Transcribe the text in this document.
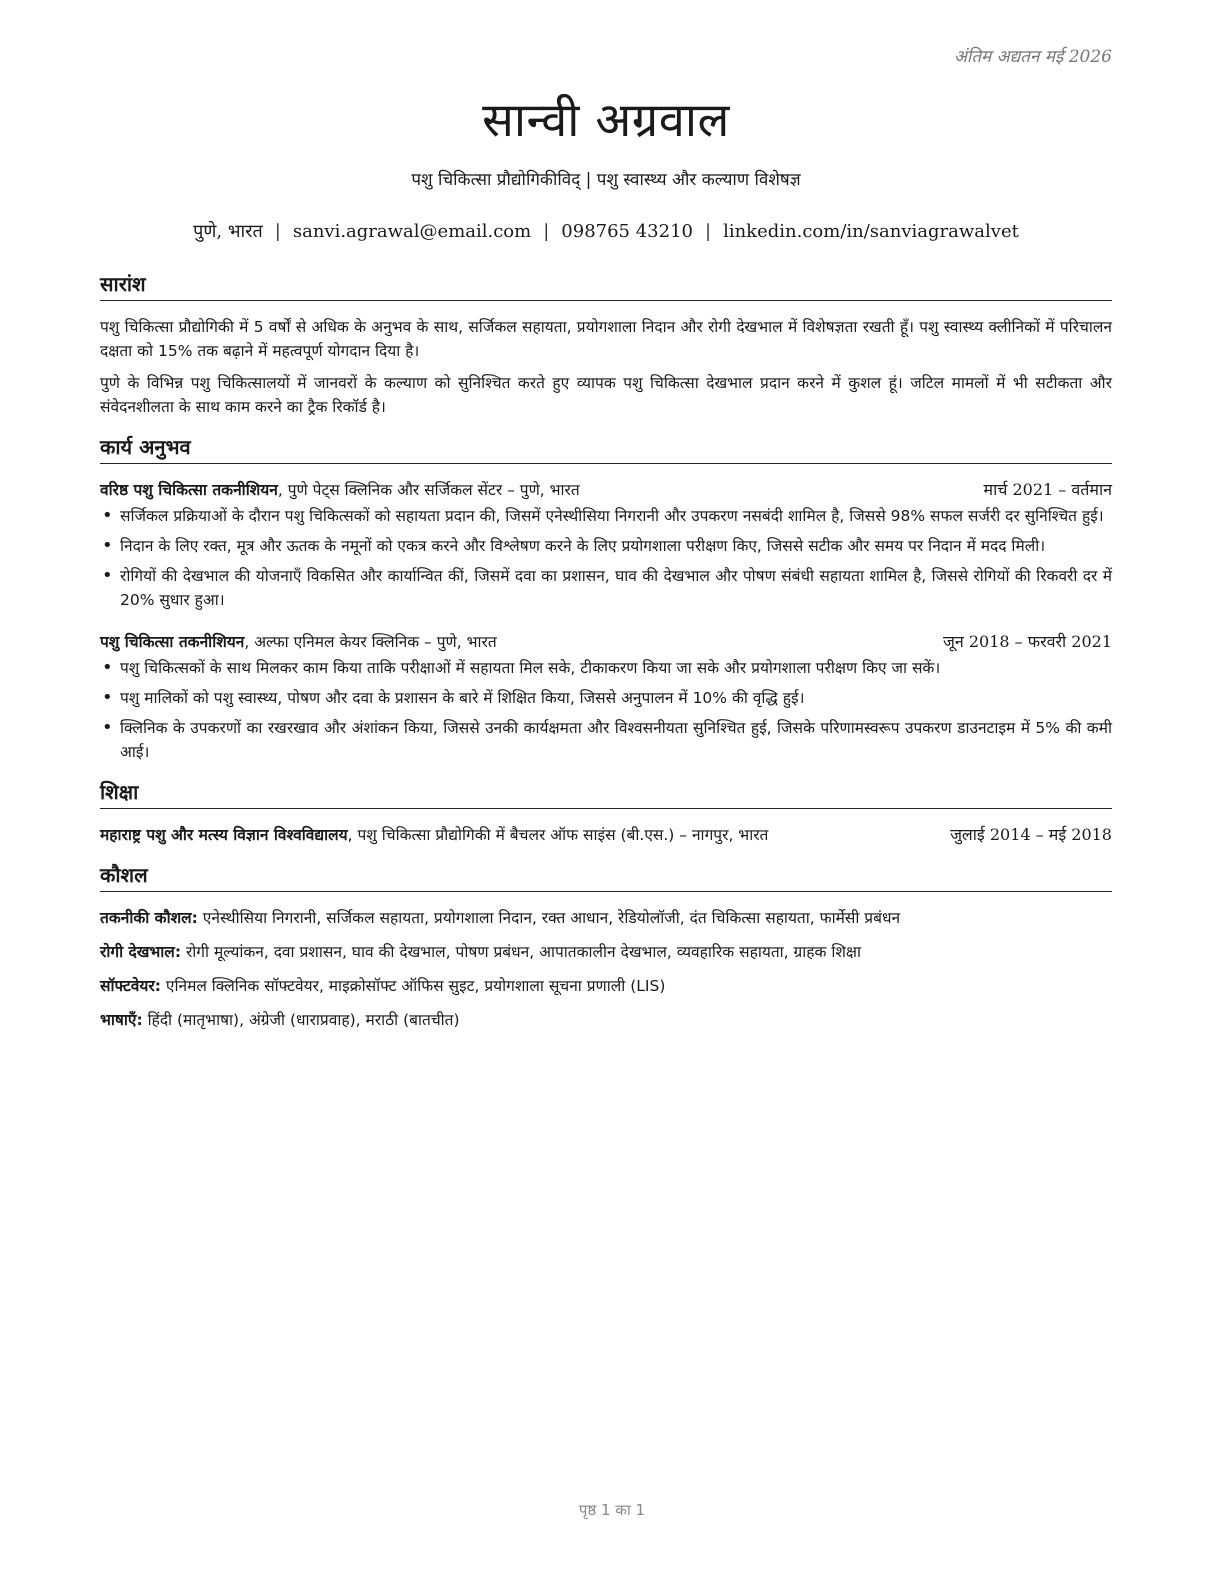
अंतिम अद्यतन मई 2026
सान्वी अग्रवाल
पशु चिकित्सा प्रौद्योगिकीविद् | पशु स्वास्थ्य और कल्याण विशेषज्ञ
पुणे, भारत | sanvi.agrawal@email.com | 098765 43210 | linkedin.com/in/sanviagrawalvet
सारांश

पशु चिकित्सा प्रौद्योगिकी में 5 वर्षों से अधिक के अनुभव के साथ, सर्जिकल सहायता, प्रयोगशाला निदान और रोगी देखभाल में विशेषज्ञता रखती हूँ। पशु स्वास्थ्य क्लीनिकों में परिचालन दक्षता को 15% तक बढ़ाने में महत्वपूर्ण योगदान दिया है।

पुणे के विभिन्न पशु चिकित्सालयों में जानवरों के कल्याण को सुनिश्चित करते हुए व्यापक पशु चिकित्सा देखभाल प्रदान करने में कुशल हूं। जटिल मामलों में भी सटीकता और संवेदनशीलता के साथ काम करने का ट्रैक रिकॉर्ड है।

कार्य अनुभव
वरिष्ठ पशु चिकित्सा तकनीशियन, पुणे पेट्स क्लिनिक और सर्जिकल सेंटर – पुणे, भारत	मार्च 2021 – वर्तमान
• सर्जिकल प्रक्रियाओं के दौरान पशु चिकित्सकों को सहायता प्रदान की, जिसमें एनेस्थीसिया निगरानी और उपकरण नसबंदी शामिल है, जिससे 98% सफल सर्जरी दर सुनिश्चित हुई।
• निदान के लिए रक्त, मूत्र और ऊतक के नमूनों को एकत्र करने और विश्लेषण करने के लिए प्रयोगशाला परीक्षण किए, जिससे सटीक और समय पर निदान में मदद मिली।
• रोगियों की देखभाल की योजनाएँ विकसित और कार्यान्वित कीं, जिसमें दवा का प्रशासन, घाव की देखभाल और पोषण संबंधी सहायता शामिल है, जिससे रोगियों की रिकवरी दर में 20% सुधार हुआ।
पशु चिकित्सा तकनीशियन, अल्फा एनिमल केयर क्लिनिक – पुणे, भारत	जून 2018 – फरवरी 2021
• पशु चिकित्सकों के साथ मिलकर काम किया ताकि परीक्षाओं में सहायता मिल सके, टीकाकरण किया जा सके और प्रयोगशाला परीक्षण किए जा सकें।
• पशु मालिकों को पशु स्वास्थ्य, पोषण और दवा के प्रशासन के बारे में शिक्षित किया, जिससे अनुपालन में 10% की वृद्धि हुई।
• क्लिनिक के उपकरणों का रखरखाव और अंशांकन किया, जिससे उनकी कार्यक्षमता और विश्वसनीयता सुनिश्चित हुई, जिसके परिणामस्वरूप उपकरण डाउनटाइम में 5% की कमी आई।
शिक्षा
महाराष्ट्र पशु और मत्स्य विज्ञान विश्वविद्यालय, पशु चिकित्सा प्रौद्योगिकी में बैचलर ऑफ साइंस (बी.एस.) – नागपुर, भारत	जुलाई 2014 – मई 2018
कौशल

तकनीकी कौशल: एनेस्थीसिया निगरानी, सर्जिकल सहायता, प्रयोगशाला निदान, रक्त आधान, रेडियोलॉजी, दंत चिकित्सा सहायता, फार्मेसी प्रबंधन

रोगी देखभाल: रोगी मूल्यांकन, दवा प्रशासन, घाव की देखभाल, पोषण प्रबंधन, आपातकालीन देखभाल, व्यवहारिक सहायता, ग्राहक शिक्षा

सॉफ्टवेयर: एनिमल क्लिनिक सॉफ्टवेयर, माइक्रोसॉफ्ट ऑफिस सुइट, प्रयोगशाला सूचना प्रणाली (LIS)

भाषाएँ: हिंदी (मातृभाषा), अंग्रेजी (धाराप्रवाह), मराठी (बातचीत)

पृष्ठ 1 का 1
